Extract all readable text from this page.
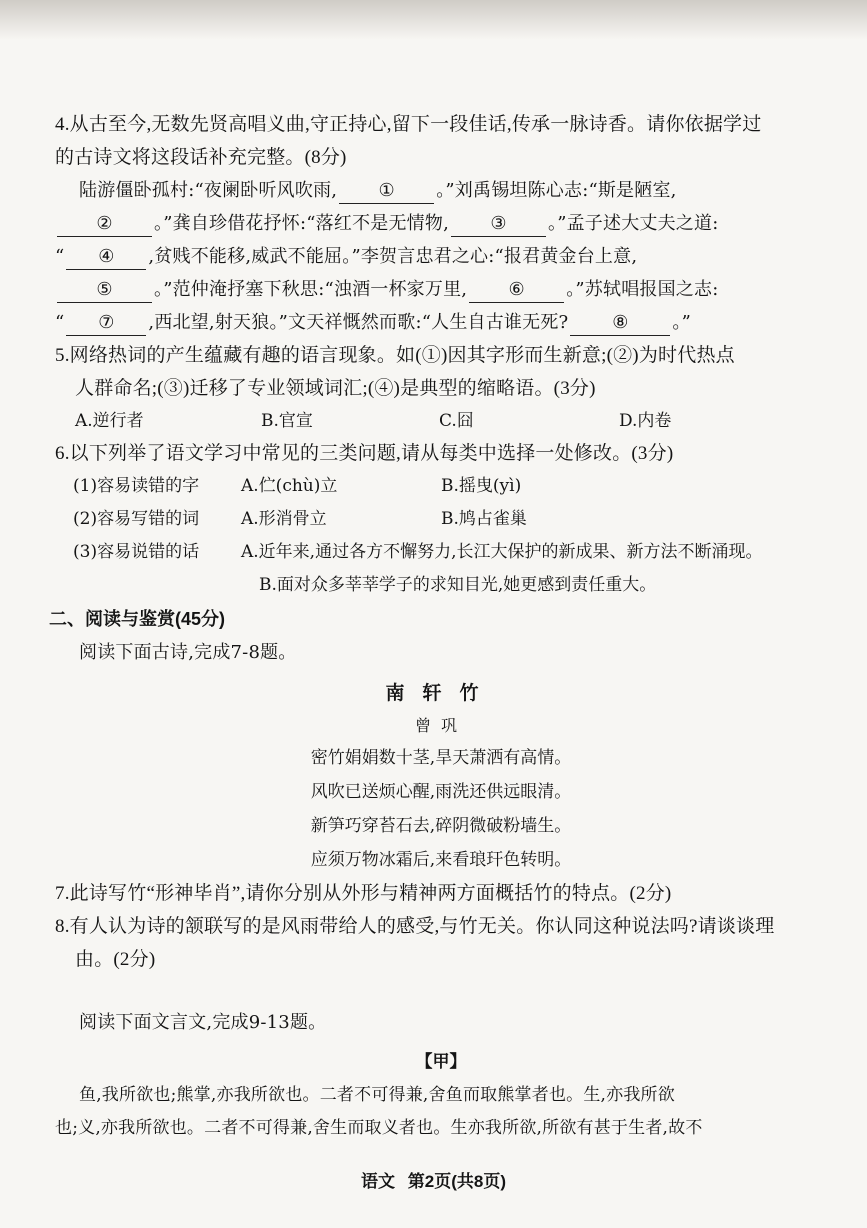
4.从古至今,无数先贤高唱义曲,守正持心,留下一段佳话,传承一脉诗香。请你依据学过
的古诗文将这段话补充完整。(8分)
陆游僵卧孤村:“夜阑卧听风吹雨, ① 。”刘禹锡坦陈心志:“斯是陋室,
② 。”龚自珍借花抒怀:“落红不是无情物, ③ 。”孟子述大丈夫之道:
“ ④ ,贫贱不能移,威武不能屈。”李贺言忠君之心:“报君黄金台上意,
⑤ 。”范仲淹抒塞下秋思:“浊酒一杯家万里, ⑥ 。”苏轼唱报国之志:
“ ⑦ ,西北望,射天狼。”文天祥慨然而歌:“人生自古谁无死? ⑧ 。”
5.网络热词的产生蕴藏有趣的语言现象。如(①)因其字形而生新意;(②)为时代热点
人群命名;(③)迁移了专业领域词汇;(④)是典型的缩略语。(3分)
A.逆行者	B.官宣	C.囧	D.内卷
6.以下列举了语文学习中常见的三类问题,请从每类中选择一处修改。(3分)
(1)容易读错的字	A.伫(chù)立	B.摇曳(yì)
(2)容易写错的词	A.形消骨立	B.鸠占雀巢
(3)容易说错的话	A.近年来,通过各方不懈努力,长江大保护的新成果、新方法不断涌现。
B.面对众多莘莘学子的求知目光,她更感到责任重大。
二、阅读与鉴赏(45分)
阅读下面古诗,完成7-8题。
南轩竹
曾巩
密竹娟娟数十茎,旱天萧洒有高情。
风吹已送烦心醒,雨洗还供远眼清。
新笋巧穿苔石去,碎阴微破粉墙生。
应须万物冰霜后,来看琅玕色转明。
7.此诗写竹“形神毕肖”,请你分别从外形与精神两方面概括竹的特点。(2分)
8.有人认为诗的颔联写的是风雨带给人的感受,与竹无关。你认同这种说法吗?请谈谈理
由。(2分)
阅读下面文言文,完成9-13题。
【甲】
鱼,我所欲也;熊掌,亦我所欲也。二者不可得兼,舍鱼而取熊掌者也。生,亦我所欲
也;义,亦我所欲也。二者不可得兼,舍生而取义者也。生亦我所欲,所欲有甚于生者,故不
语文 第2页(共8页)
